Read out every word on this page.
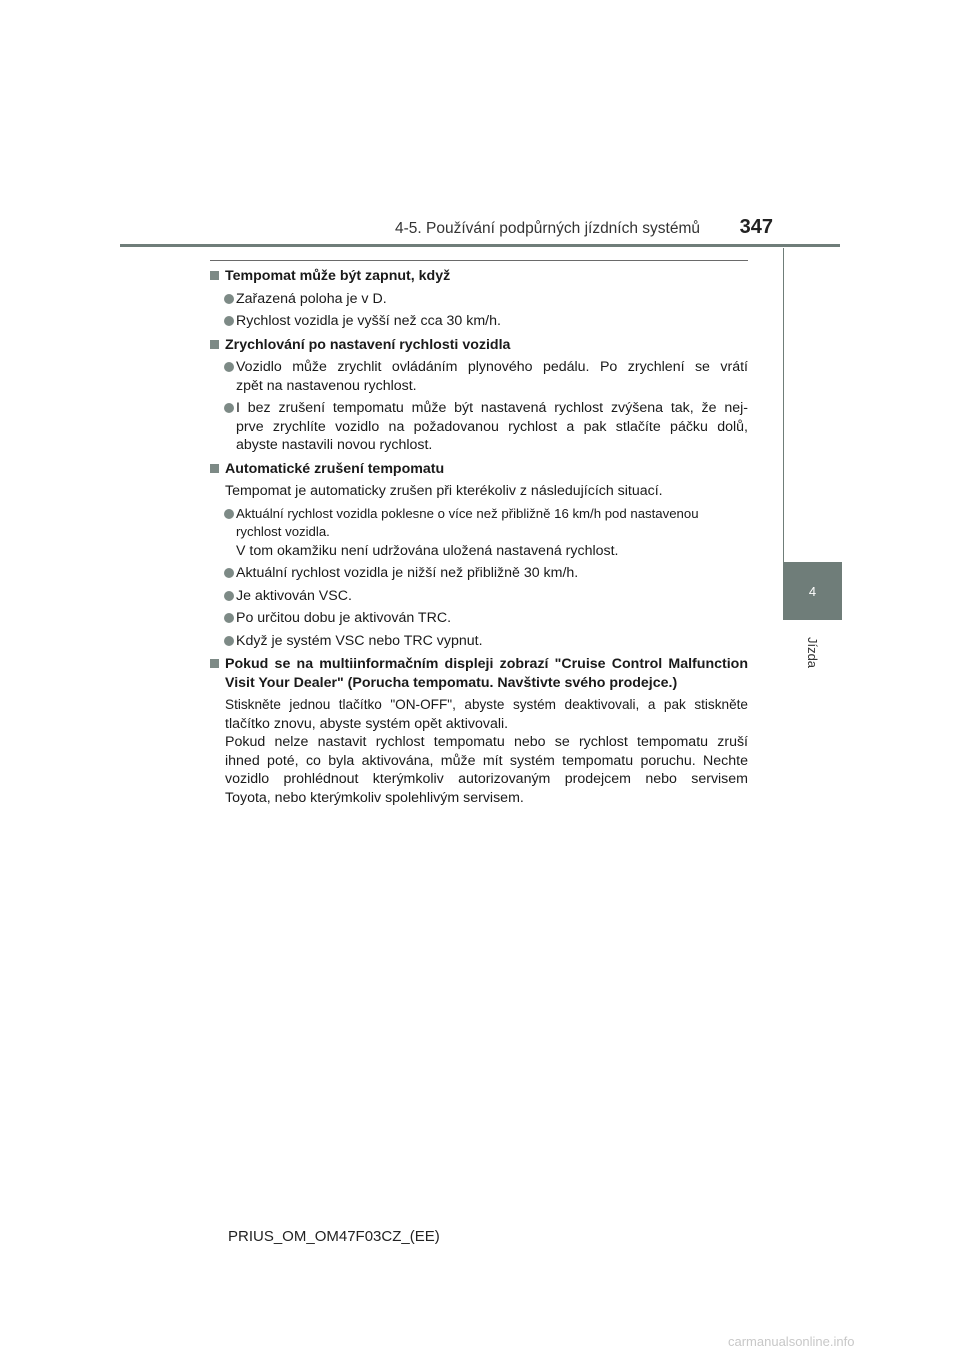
4-5. Používání podpůrných jízdních systémů 347
4
Jízda
Tempomat může být zapnut, když
Zařazená poloha je v D.
Rychlost vozidla je vyšší než cca 30 km/h.
Zrychlování po nastavení rychlosti vozidla
Vozidlo může zrychlit ovládáním plynového pedálu. Po zrychlení se vrátí
zpět na nastavenou rychlost.
I bez zrušení tempomatu může být nastavená rychlost zvýšena tak, že nej-
prve zrychlíte vozidlo na požadovanou rychlost a pak stlačíte páčku dolů,
abyste nastavili novou rychlost.
Automatické zrušení tempomatu
Tempomat je automaticky zrušen při kterékoliv z následujících situací.
Aktuální rychlost vozidla poklesne o více než přibližně 16 km/h pod nastavenou
rychlost vozidla.
V tom okamžiku není udržována uložená nastavená rychlost.
Aktuální rychlost vozidla je nižší než přibližně 30 km/h.
Je aktivován VSC.
Po určitou dobu je aktivován TRC.
Když je systém VSC nebo TRC vypnut.
Pokud se na multiinformačním displeji zobrazí "Cruise Control Malfunction
Visit Your Dealer" (Porucha tempomatu. Navštivte svého prodejce.)
Stiskněte jednou tlačítko "ON-OFF", abyste systém deaktivovali, a pak stiskněte
tlačítko znovu, abyste systém opět aktivovali.
Pokud nelze nastavit rychlost tempomatu nebo se rychlost tempomatu zruší
ihned poté, co byla aktivována, může mít systém tempomatu poruchu. Nechte
vozidlo prohlédnout kterýmkoliv autorizovaným prodejcem nebo servisem
Toyota, nebo kterýmkoliv spolehlivým servisem.
PRIUS_OM_OM47F03CZ_(EE)
carmanualsonline.info
